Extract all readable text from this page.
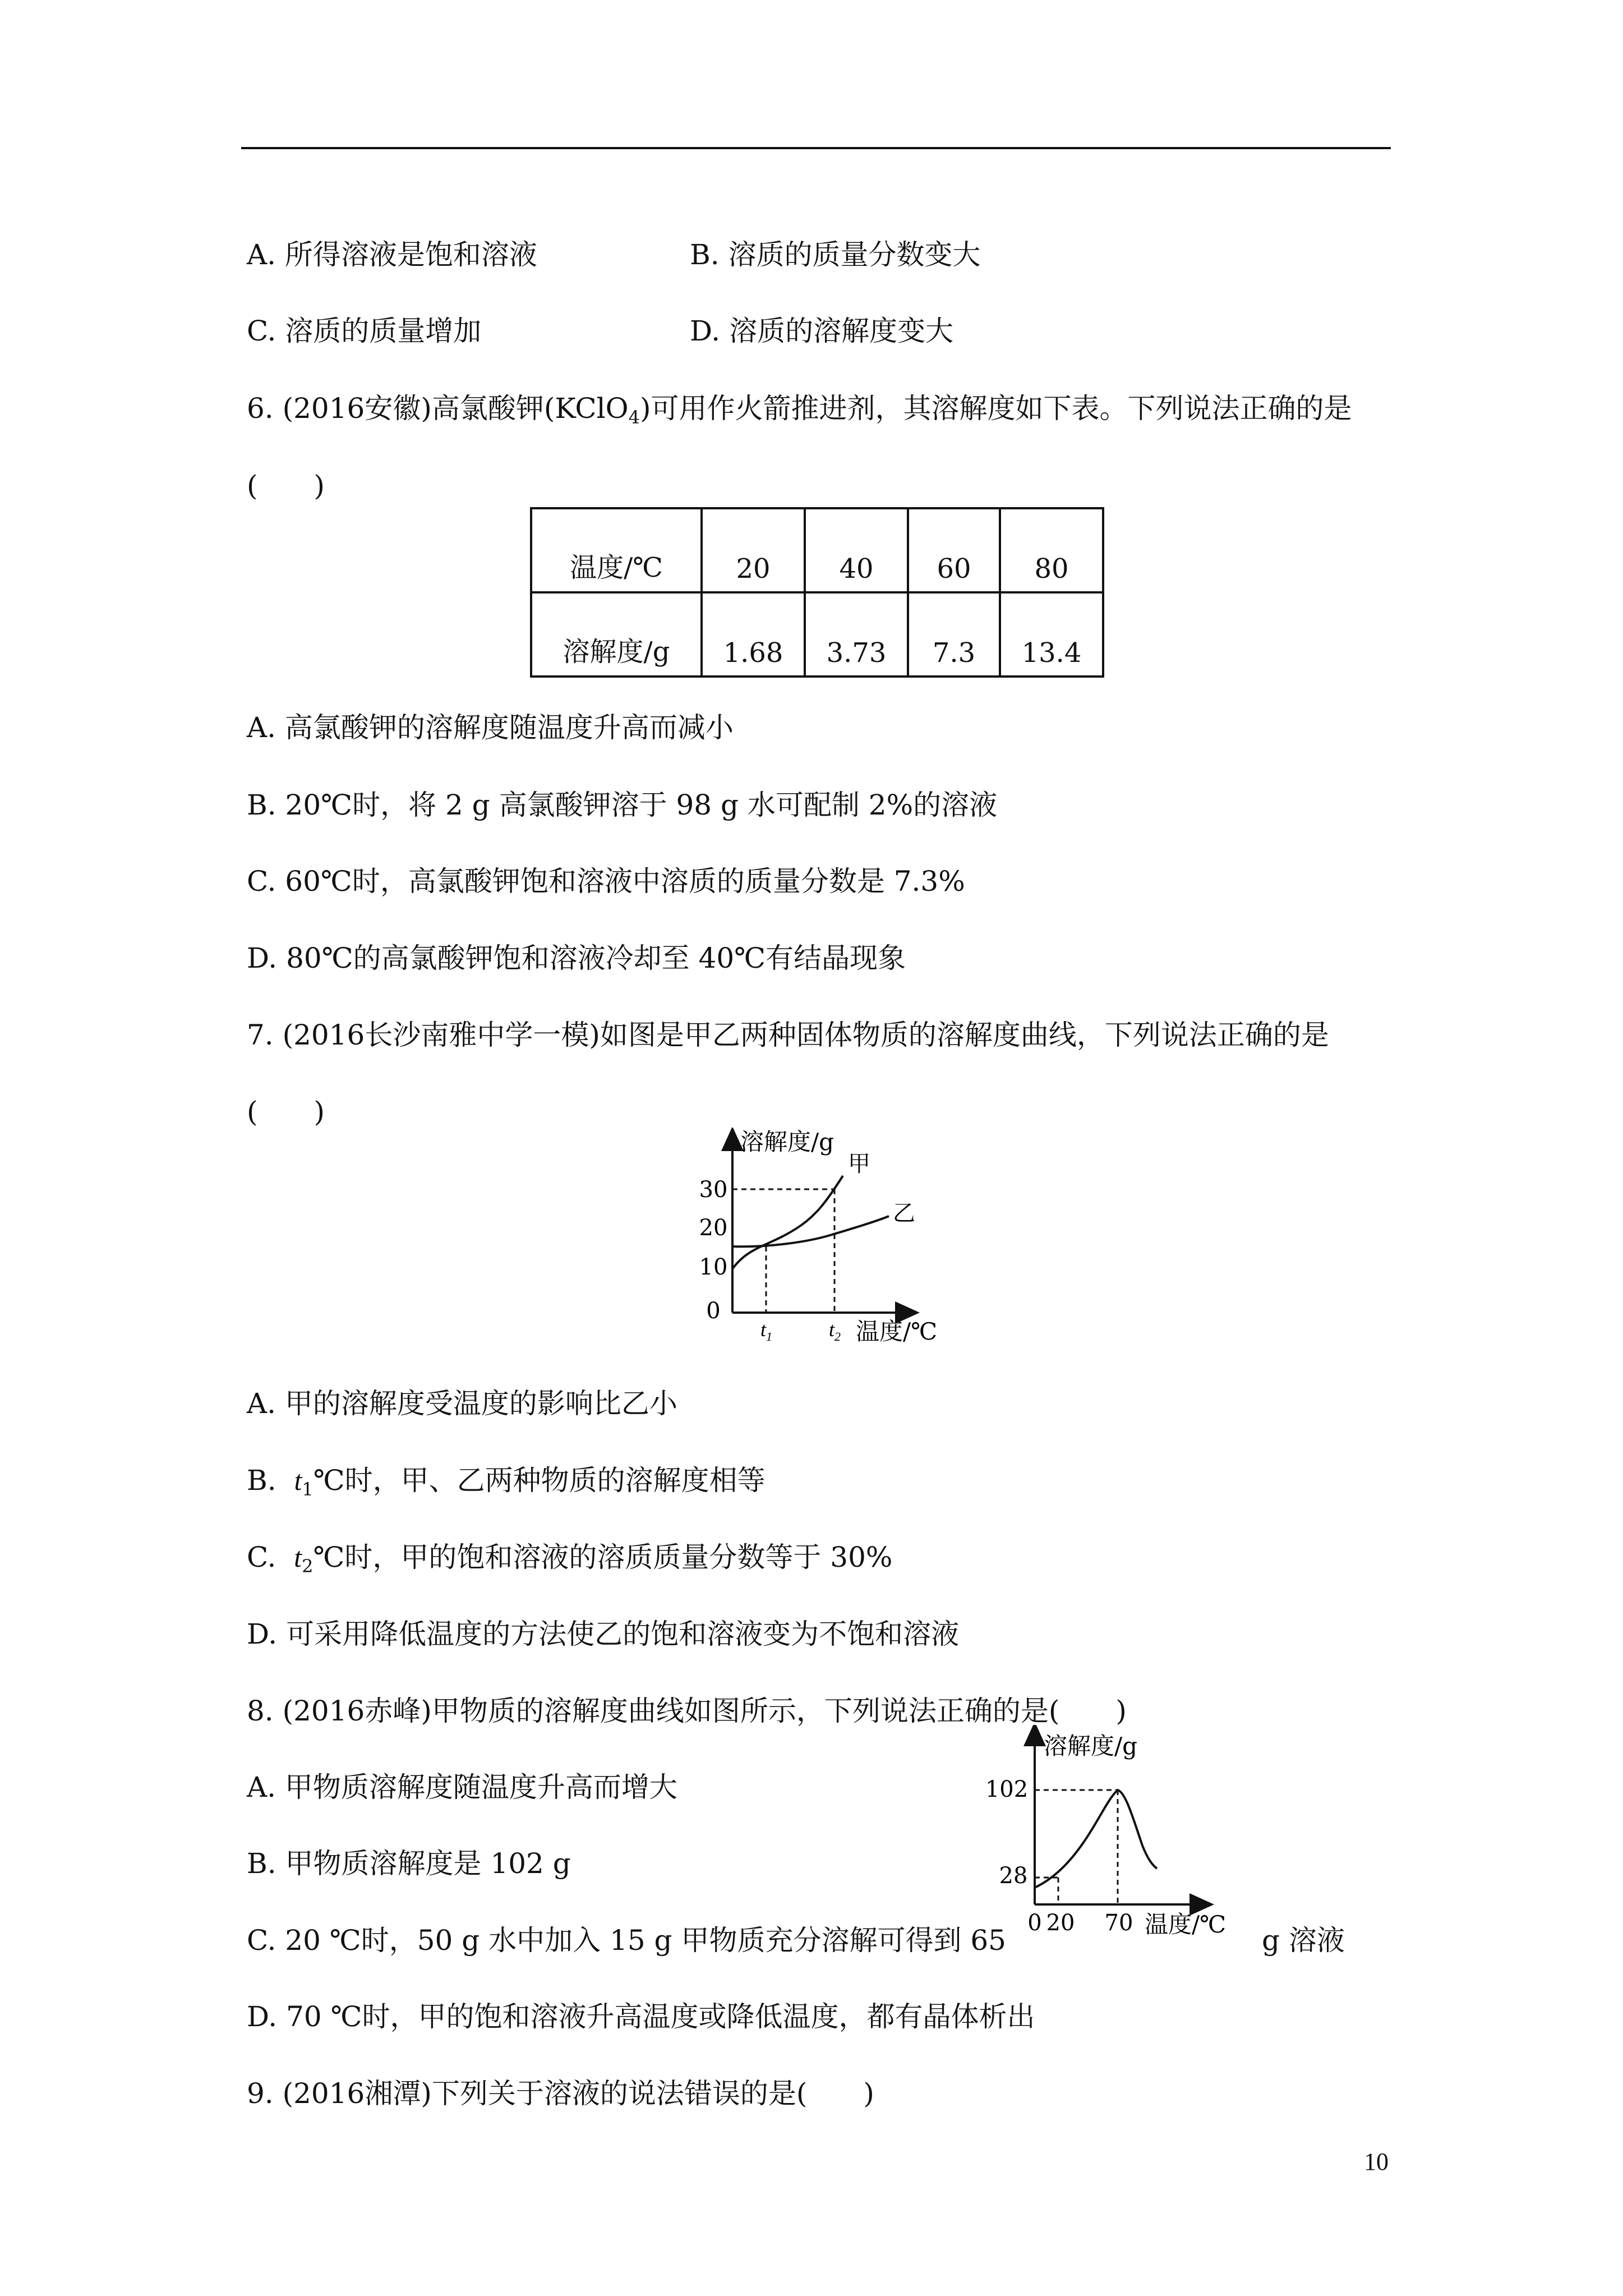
A. 所得溶液是饱和溶液	B. 溶质的质量分数变大
C. 溶质的质量增加	D. 溶质的溶解度变大
6. (2016安徽)高氯酸钾(KClO$_4$)可用作火箭推进剂，其溶解度如下表。下列说法正确的是
(　　)
温度/℃	20	40	60	80
溶解度/g	1.68	3.73	7.3	13.4
A. 高氯酸钾的溶解度随温度升高而减小
B. 20℃时，将 2 g 高氯酸钾溶于 98 g 水可配制 2%的溶液
C. 60℃时，高氯酸钾饱和溶液中溶质的质量分数是 7.3%
D. 80℃的高氯酸钾饱和溶液冷却至 40℃有结晶现象
7. (2016长沙南雅中学一模)如图是甲乙两种固体物质的溶解度曲线，下列说法正确的是
(　　)
溶解度/g
30
20
10
0
甲
乙
$t_1$	$t_2$ 温度/℃
A. 甲的溶解度受温度的影响比乙小
B. $t_1℃$时，甲、乙两种物质的溶解度相等
C. $t_2℃$时，甲的饱和溶液的溶质质量分数等于 30%
D. 可采用降低温度的方法使乙的饱和溶液变为不饱和溶液
8. (2016赤峰)甲物质的溶解度曲线如图所示，下列说法正确的是(　　)
A. 甲物质溶解度随温度升高而增大
B. 甲物质溶解度是 102 g
C. 20 ℃时，50 g 水中加入 15 g 甲物质充分溶解可得到 65	g 溶液
D. 70 ℃时，甲的饱和溶液升高温度或降低温度，都有晶体析出
溶解度/g
102
28
0 20 70 温度/℃
9. (2016湘潭)下列关于溶液的说法错误的是(　　)
10
